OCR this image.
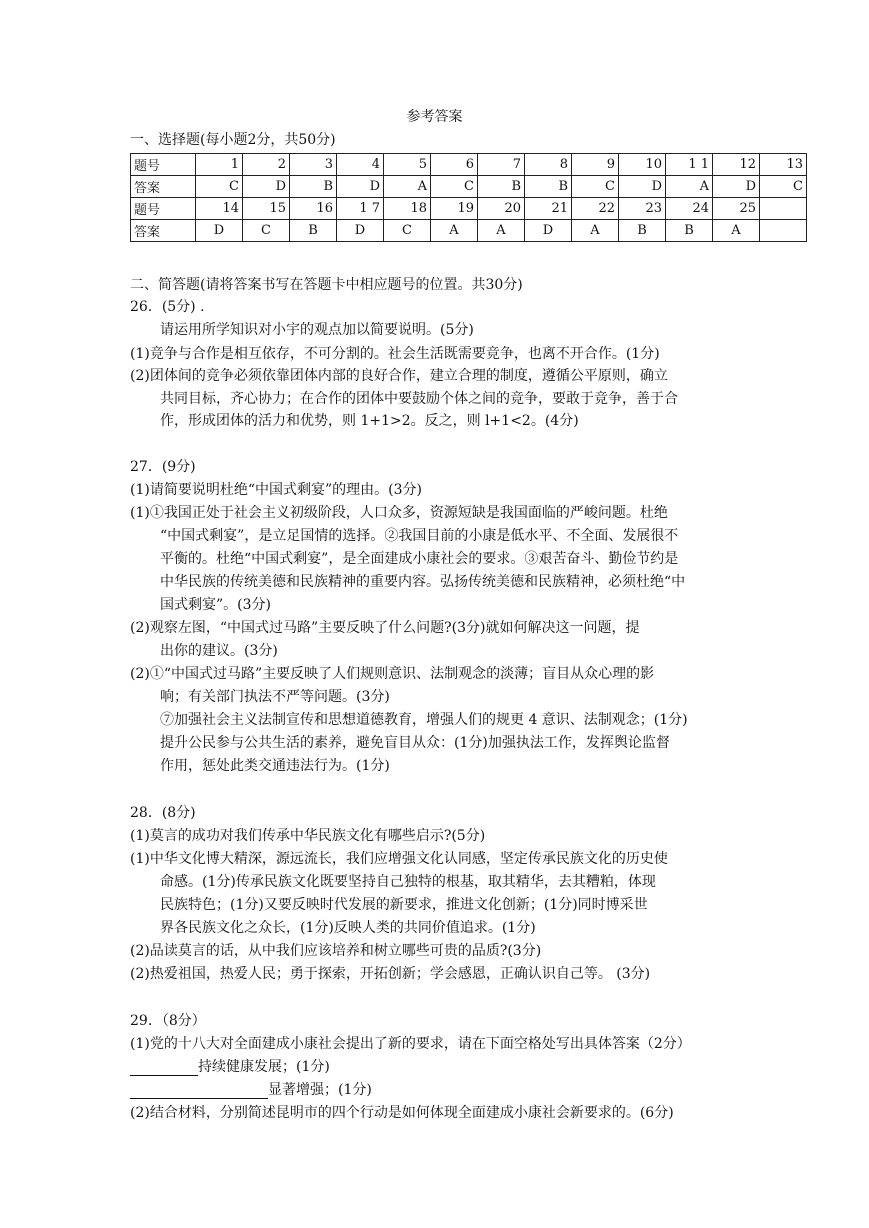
参考答案
一、选择题(每小题2分，共50分)
题号	1	2	3	4	5	6	7	8	9	10	1 1	12	13
答案	C	D	B	D	A	C	B	B	C	D	A	D	C
题号	14	15	16	1 7	18	19	20	21	22	23	24	25	
答案	D	C	B	D	C	A	A	D	A	B	B	A	
二、简答题(请将答案书写在答题卡中相应题号的位置。共30分)
26．(5分) .
请运用所学知识对小宇的观点加以简要说明。(5分)
(1)竞争与合作是相互依存，不可分割的。社会生活既需要竞争，也离不开合作。(1分)
(2)团体间的竞争必须依靠团体内部的良好合作，建立合理的制度，遵循公平原则，确立
共同目标，齐心协力；在合作的团体中要鼓励个体之间的竞争，要敢于竞争，善于合
作，形成团体的活力和优势，则 1+1>2。反之，则 l+1<2。(4分)
27．(9分)
(1)请简要说明杜绝“中国式剩宴”的理由。(3分)
(1)①我国正处于社会主义初级阶段，人口众多，资源短缺是我国面临的严峻问题。杜绝
“中国式剩宴”，是立足国情的选择。②我国目前的小康是低水平、不全面、发展很不
平衡的。杜绝“中国式剩宴”，是全面建成小康社会的要求。③艰苦奋斗、勤俭节约是
中华民族的传统美德和民族精神的重要内容。弘扬传统美德和民族精神，必须杜绝“中
国式剩宴”。(3分)
(2)观察左图，“中国式过马路”主要反映了什么问题?(3分)就如何解决这一问题，提
出你的建议。(3分)
(2)①“中国式过马路”主要反映了人们规则意识、法制观念的淡薄；盲目从众心理的影
响；有关部门执法不严等问题。(3分)
⑦加强社会主义法制宣传和思想道德教育，增强人们的规更 4 意识、法制观念；(1分)
提升公民参与公共生活的素养，避免盲目从众：(1分)加强执法工作，发挥舆论监督
作用，惩处此类交通违法行为。(1分)
28．(8分)
(1)莫言的成功对我们传承中华民族文化有哪些启示?(5分)
(1)中华文化博大精深，源远流长，我们应增强文化认同感，坚定传承民族文化的历史使
命感。(1分)传承民族文化既要坚持自己独特的根基，取其精华，去其糟粕，体现
民族特色；(1分)又要反映时代发展的新要求，推进文化创新；(1分)同时博采世
界各民族文化之众长，(1分)反映人类的共同价值追求。(1分)
(2)品读莫言的话，从中我们应该培养和树立哪些可贵的品质?(3分)
(2)热爱祖国，热爱人民；勇于探索，开拓创新；学会感恩，正确认识自己等。 (3分)
29．（8分）
(1)党的十八大对全面建成小康社会提出了新的要求，请在下面空格处写出具体答案（2分）
持续健康发展；(1分)
显著增强；(1分)
(2)结合材料，分别简述昆明市的四个行动是如何体现全面建成小康社会新要求的。(6分)
